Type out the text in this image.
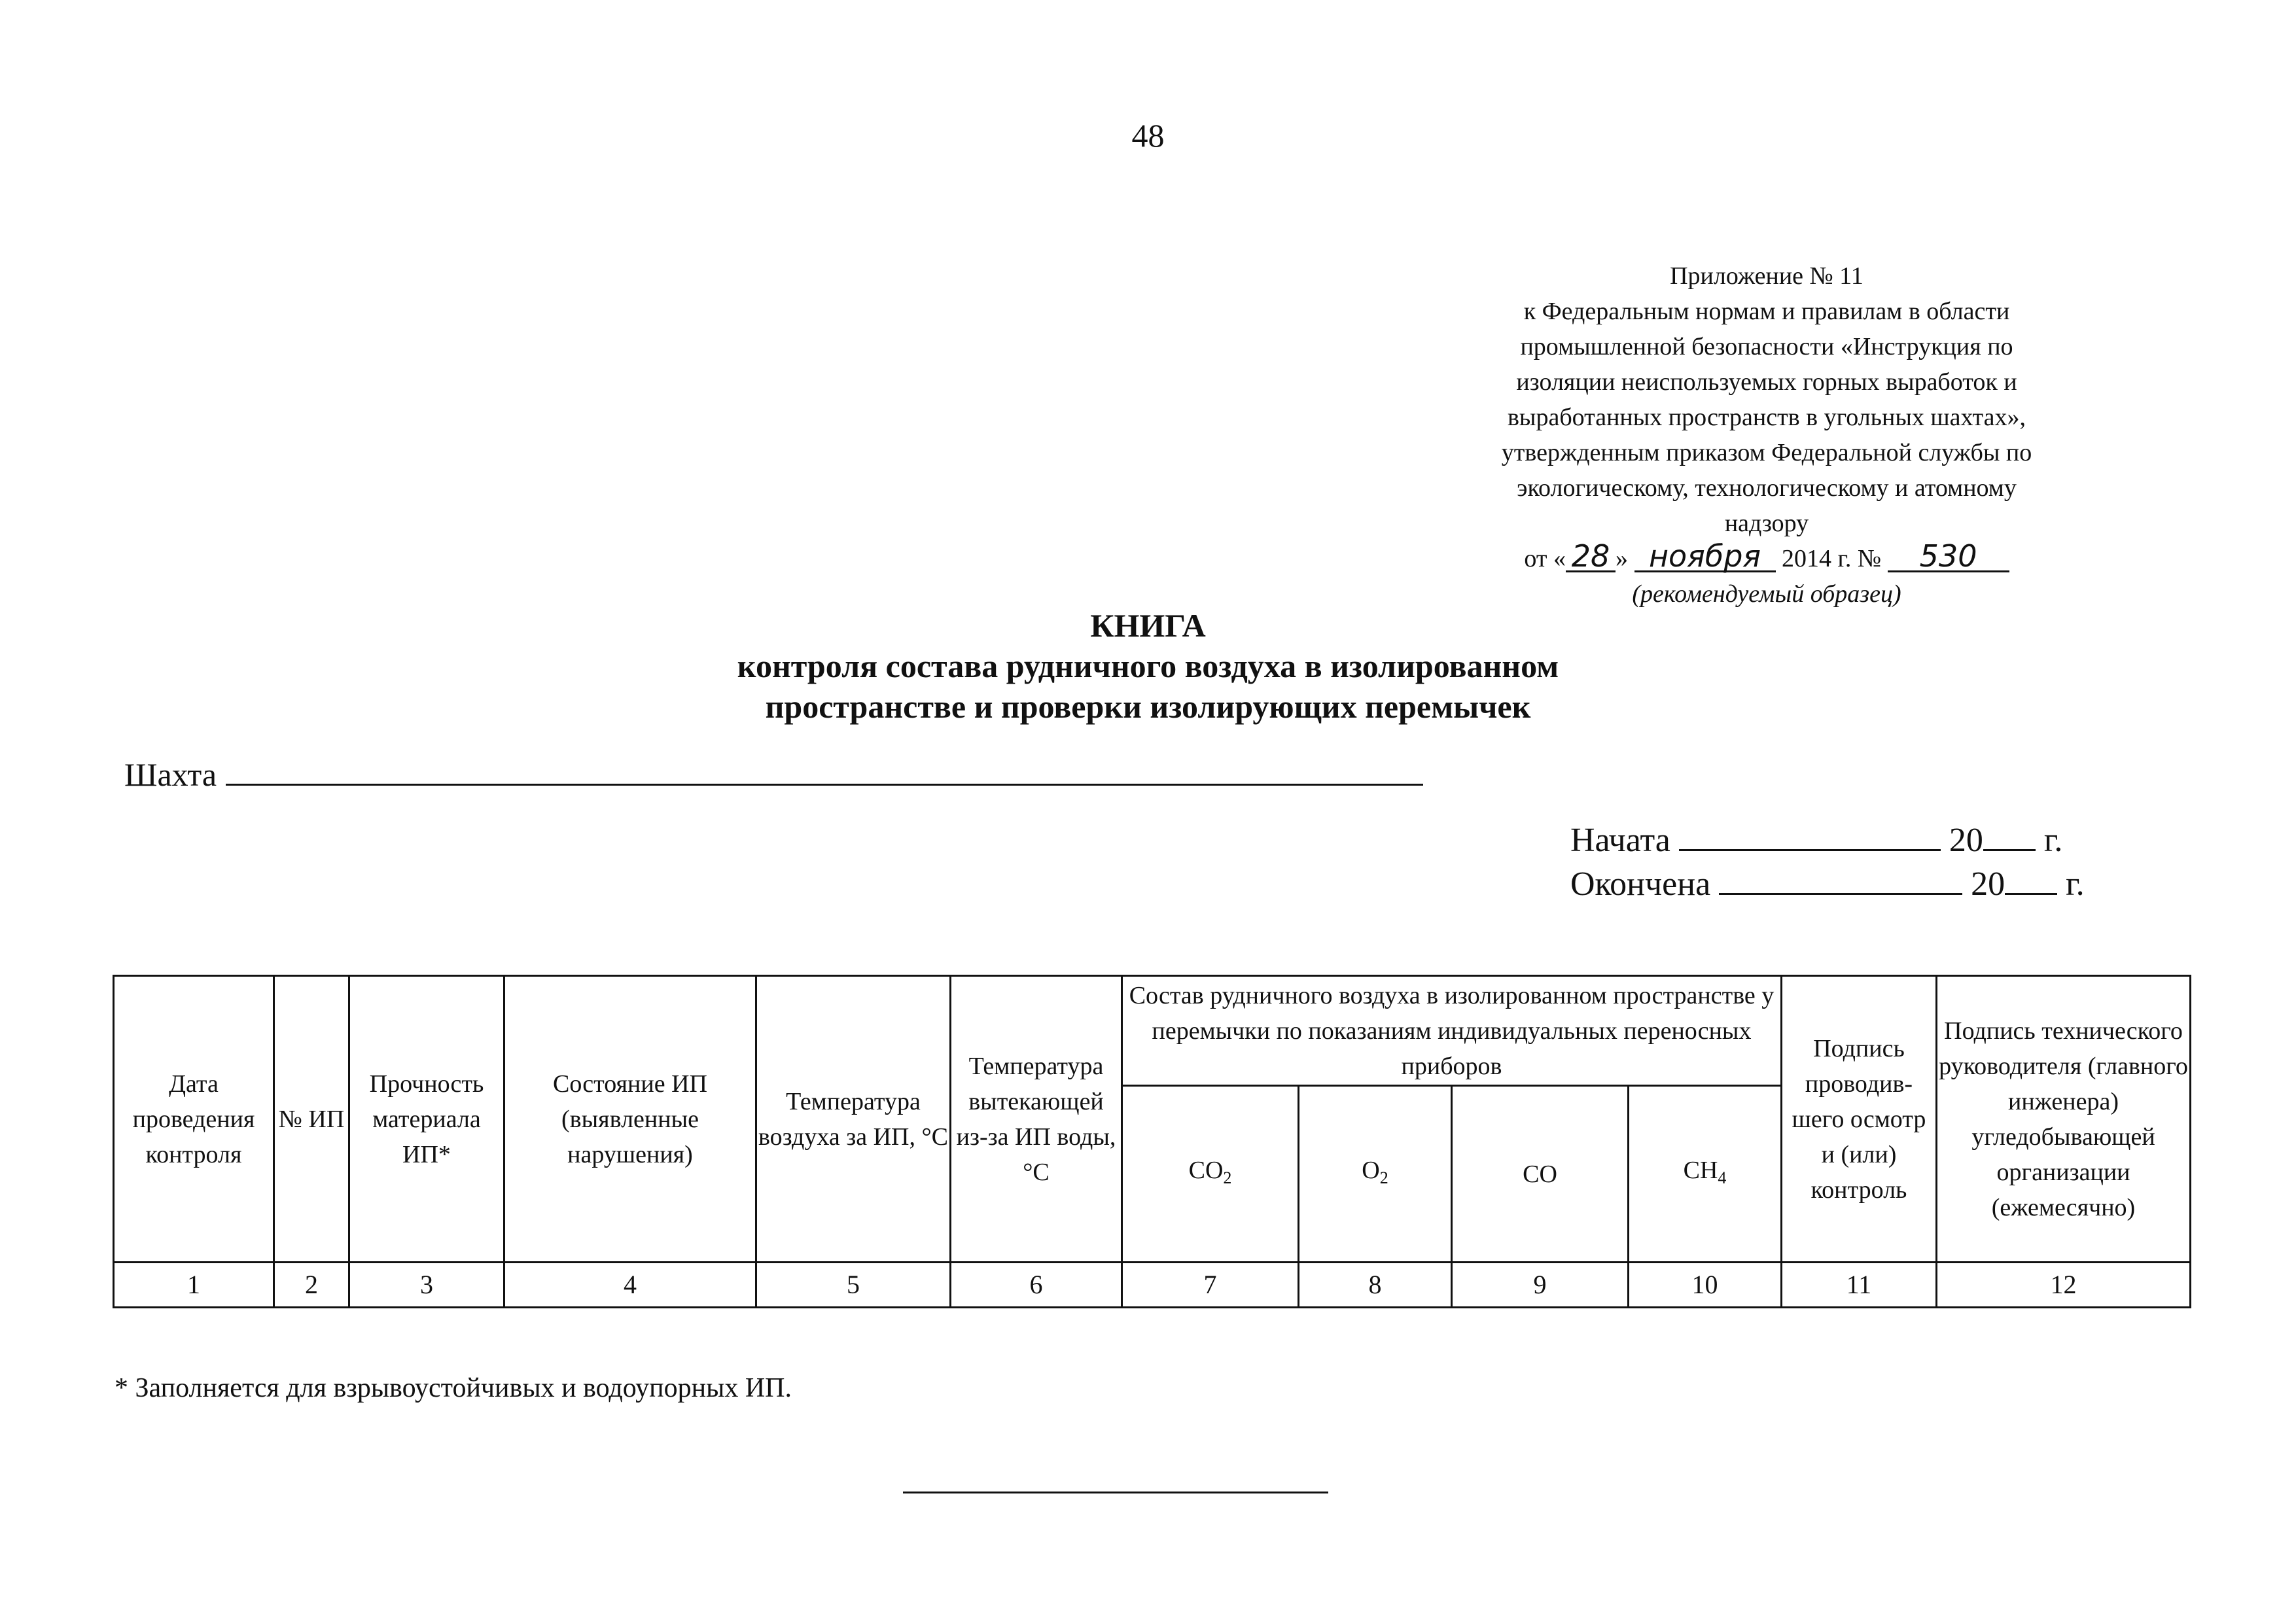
48
Приложение № 11
к Федеральным нормам и правилам в области
промышленной безопасности «Инструкция по
изоляции неиспользуемых горных выработок и
выработанных пространств в угольных шахтах»,
утвержденным приказом Федеральной службы по
экологическому, технологическому и атомному
надзору
от « 28 » ноября 2014 г. № 530
(рекомендуемый образец)
КНИГА
контроля состава рудничного воздуха в изолированном
пространстве и проверки изолирующих перемычек
Шахта
Начата	20 г.
Окончена	20 г.
Дата проведения контроля	№ ИП	Прочность материала ИП*	Состояние ИП (выявленные нарушения)	Температура воздуха за ИП, °С	Температура вытекающей из-за ИП воды, °С	Состав рудничного воздуха в изолированном пространстве у перемычки по показаниям индивидуальных переносных приборов				Подпись проводив-шего осмотр и (или) контроль	Подпись технического руководителя (главного инженера) угледобывающей организации (ежемесячно)
						$CO_2$	$O_2$	CO	$CH_4$
1	2	3	4	5	6	7	8	9	10	11	12
* Заполняется для взрывоустойчивых и водоупорных ИП.
